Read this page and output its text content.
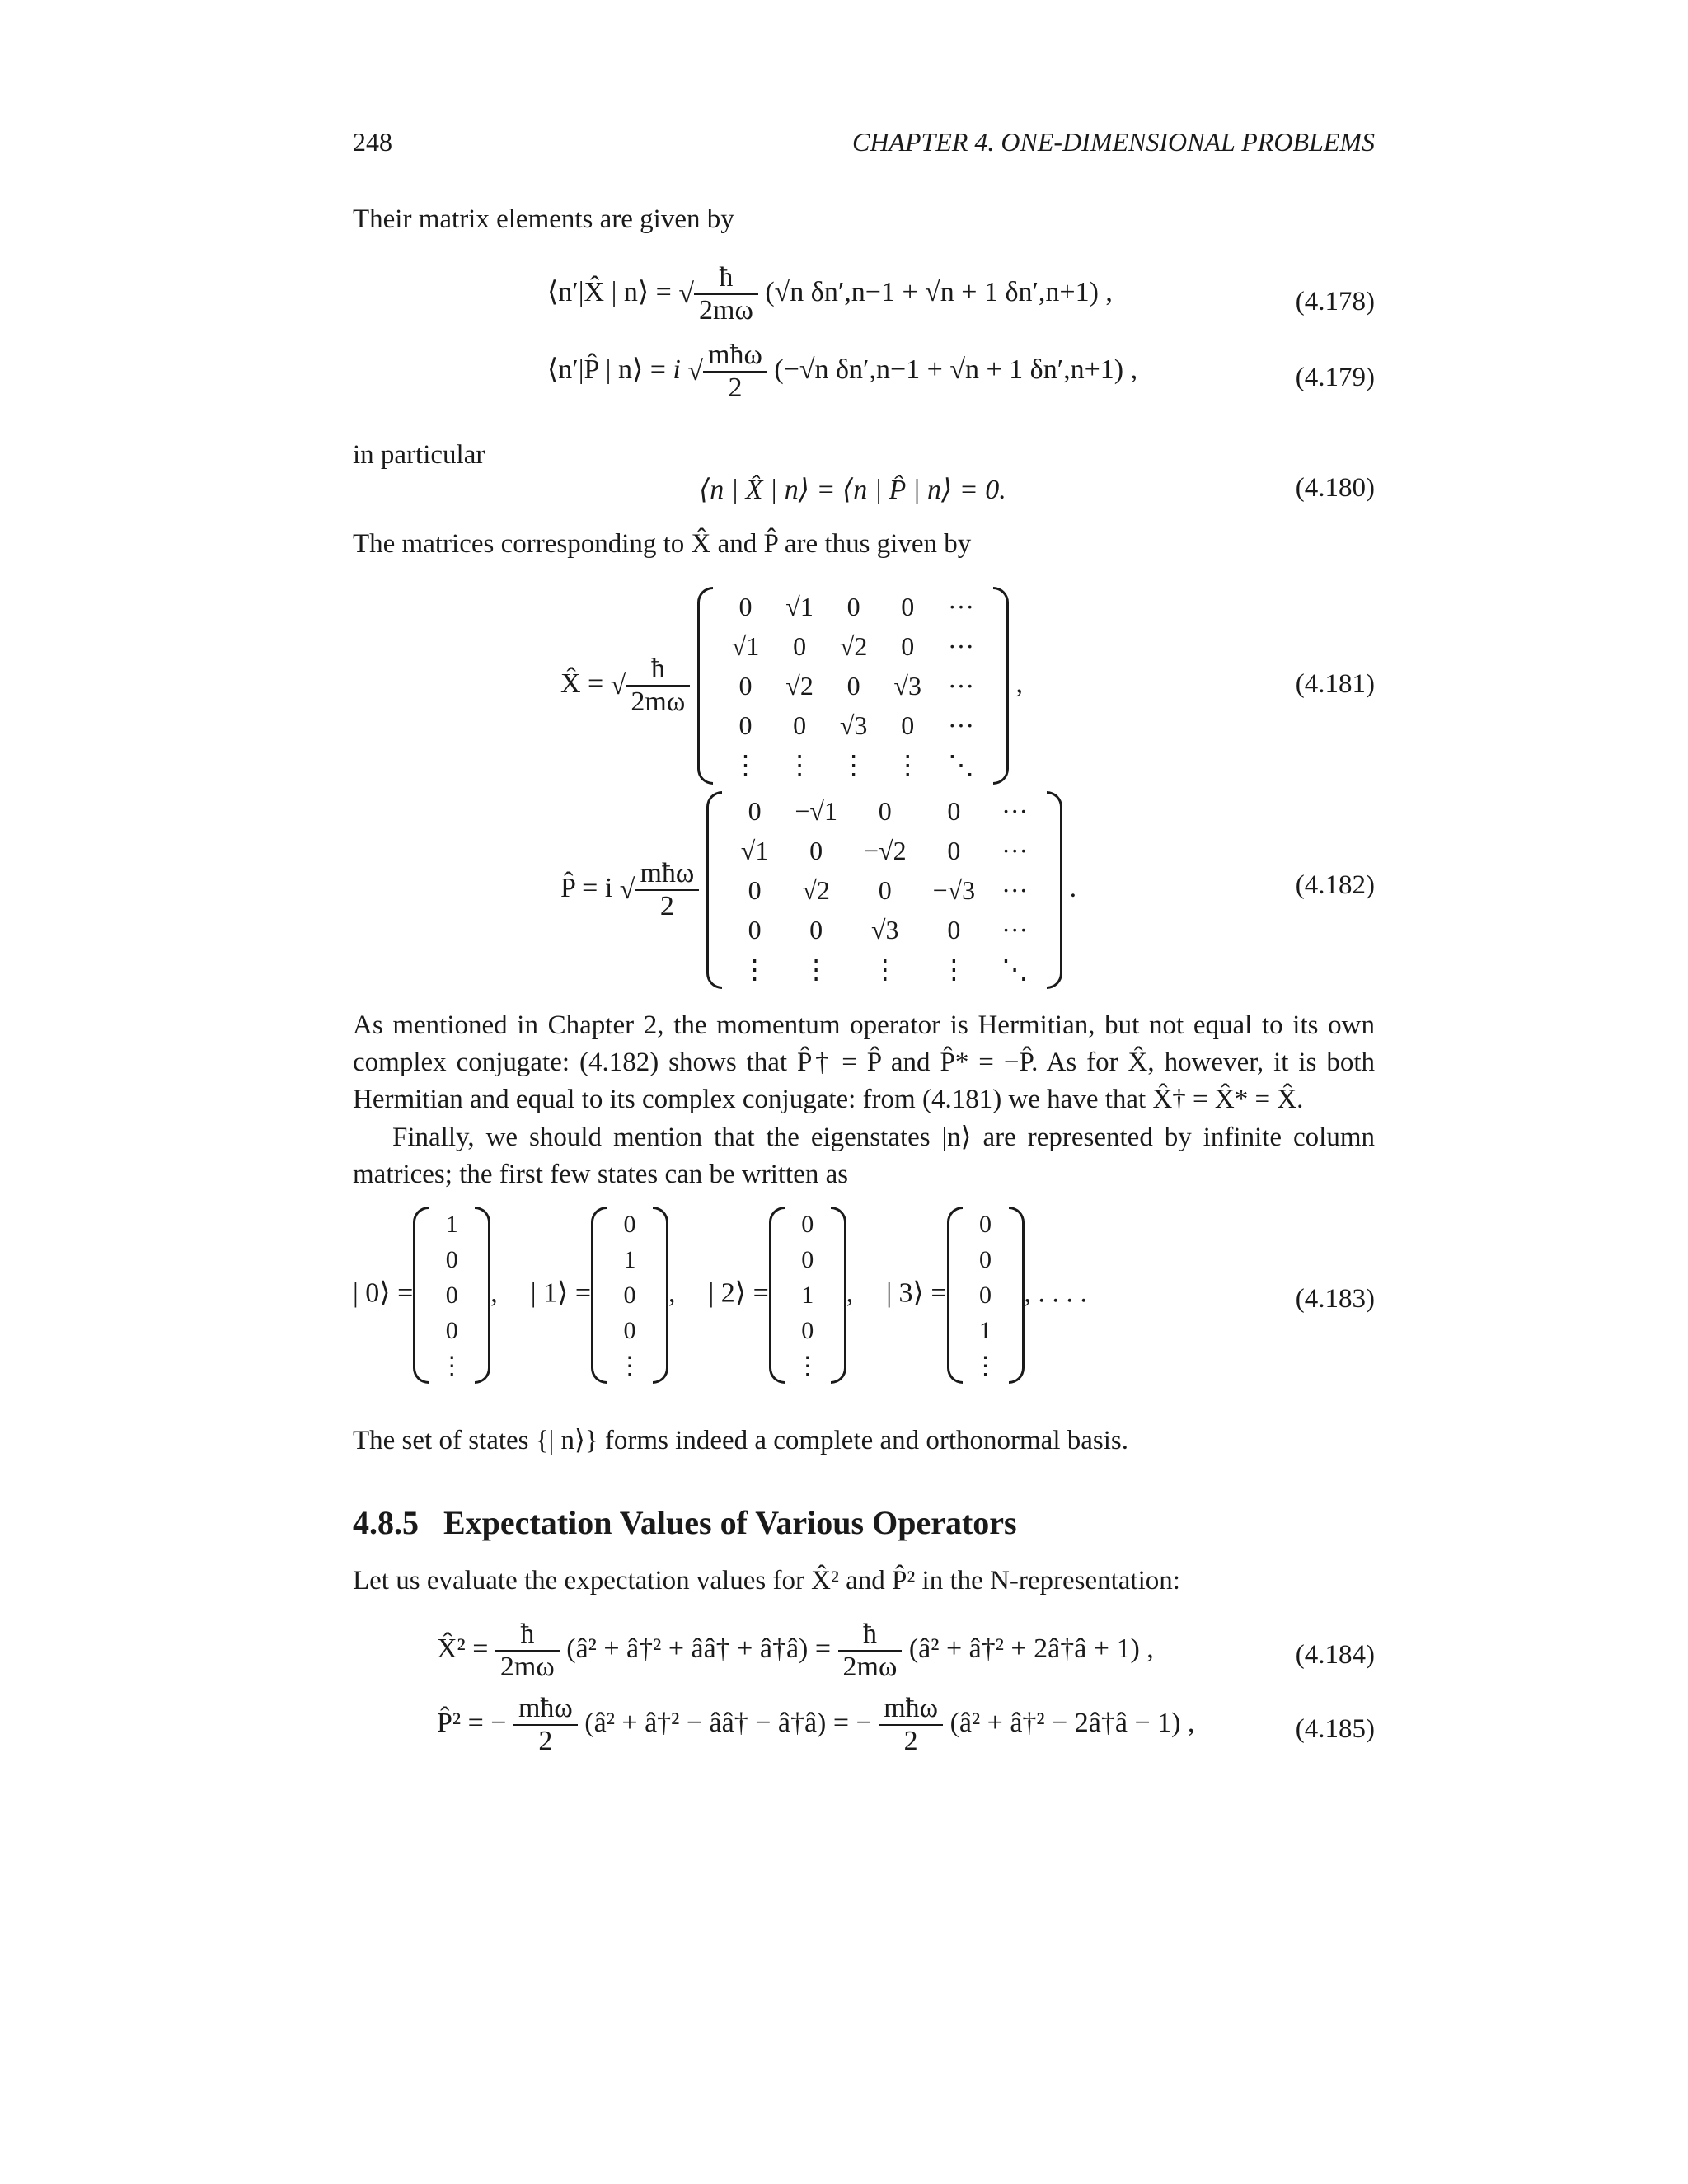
248	CHAPTER 4. ONE-DIMENSIONAL PROBLEMS
Their matrix elements are given by
⟨n′|X̂ | n⟩ = √ $\frac{ħ}{2m\omega} (√n$ δn′,n−1 + √n + 1 δn′,n+1) ,	(4.178)
⟨n′|P̂ | n⟩ = i √ $\frac{\text{mħω}}{2} (-√n$ δn′,n−1 + √n + 1 δn′,n+1) ,	(4.179)
in particular
⟨n | X̂ | n⟩ = ⟨n | P̂ | n⟩ = 0.	(4.180)
The matrices corresponding to X̂ and P̂ are thus given by
X̂ = √ $\frac{ħ}{2m\omega}$

0	√1	0	0	···
√1	0	√2	0	···
0	√2	0	√3	···
0	0	√3	0	···
⋮	⋮	⋮	⋮	⋱
,	(4.181)
P̂ = i √ $\frac{\text{mħω}}{2}$

0	−√1	0	0	···
√1	0	−√2	0	···
0	√2	0	−√3	···
0	0	√3	0	···
⋮	⋮	⋮	⋮	⋱
.	(4.182)
As mentioned in Chapter 2, the momentum operator is Hermitian, but not equal to its own complex conjugate: (4.182) shows that P̂† = P̂ and P̂* = −P̂. As for X̂, however, it is both Hermitian and equal to its complex conjugate: from (4.181) we have that X̂† = X̂* = X̂.
Finally, we should mention that the eigenstates |n⟩ are represented by infinite column matrices; the first few states can be written as
| 0⟩ =
1
0
0
0
⋮
, | 1⟩ =
0
1
0
0
⋮
, | 2⟩ =
0
0
1
0
⋮
, | 3⟩ =
0
0
0
1
⋮
, . . . .	(4.183)
The set of states {| n⟩} forms indeed a complete and orthonormal basis.
4.8.5 Expectation Values of Various Operators
Let us evaluate the expectation values for X̂² and P̂² in the N-representation:
X̂² = $\frac{ħ}{2m\omega}$ (â² + â†² + ââ† + â†â) = $\frac{ħ}{2m\omega}$ (â² + â†² + 2â†â + 1) ,	(4.184)
P̂² = − $\frac{\text{mħω}}{2}$ (â² + â†² − ââ† − â†â) = − $\frac{\text{mħω}}{2}$ (â² + â†² − 2â†â − 1) ,	(4.185)
